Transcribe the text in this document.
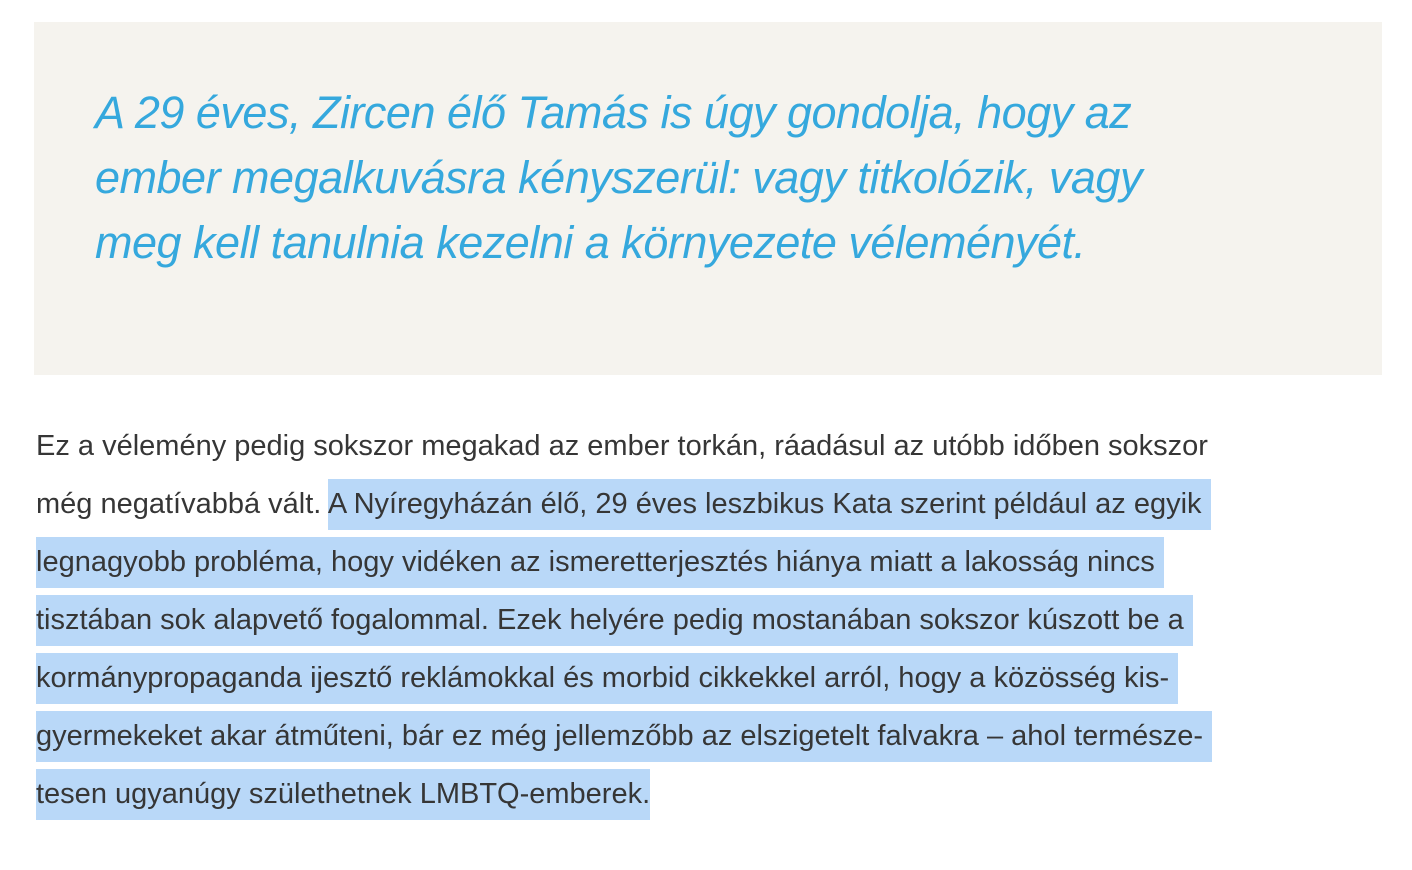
A 29 éves, Zircen élő Tamás is úgy gondolja, hogy az
ember megalkuvásra kényszerül: vagy titkolózik, vagy
meg kell tanulnia kezelni a környezete véleményét.

Ez a vélemény pedig sokszor megakad az ember torkán, ráadásul az utóbb időben sokszor
még negatívabbá vált. A Nyíregyházán élő, 29 éves leszbikus Kata szerint például az egyik
legnagyobb probléma, hogy vidéken az ismeretterjesztés hiánya miatt a lakosság nincs
tisztában sok alapvető fogalommal. Ezek helyére pedig mostanában sokszor kúszott be a
kormánypropaganda ijesztő reklámokkal és morbid cikkekkel arról, hogy a közösség kis-
gyermekeket akar átműteni, bár ez még jellemzőbb az elszigetelt falvakra – ahol természe-
tesen ugyanúgy születhetnek LMBTQ-emberek.
